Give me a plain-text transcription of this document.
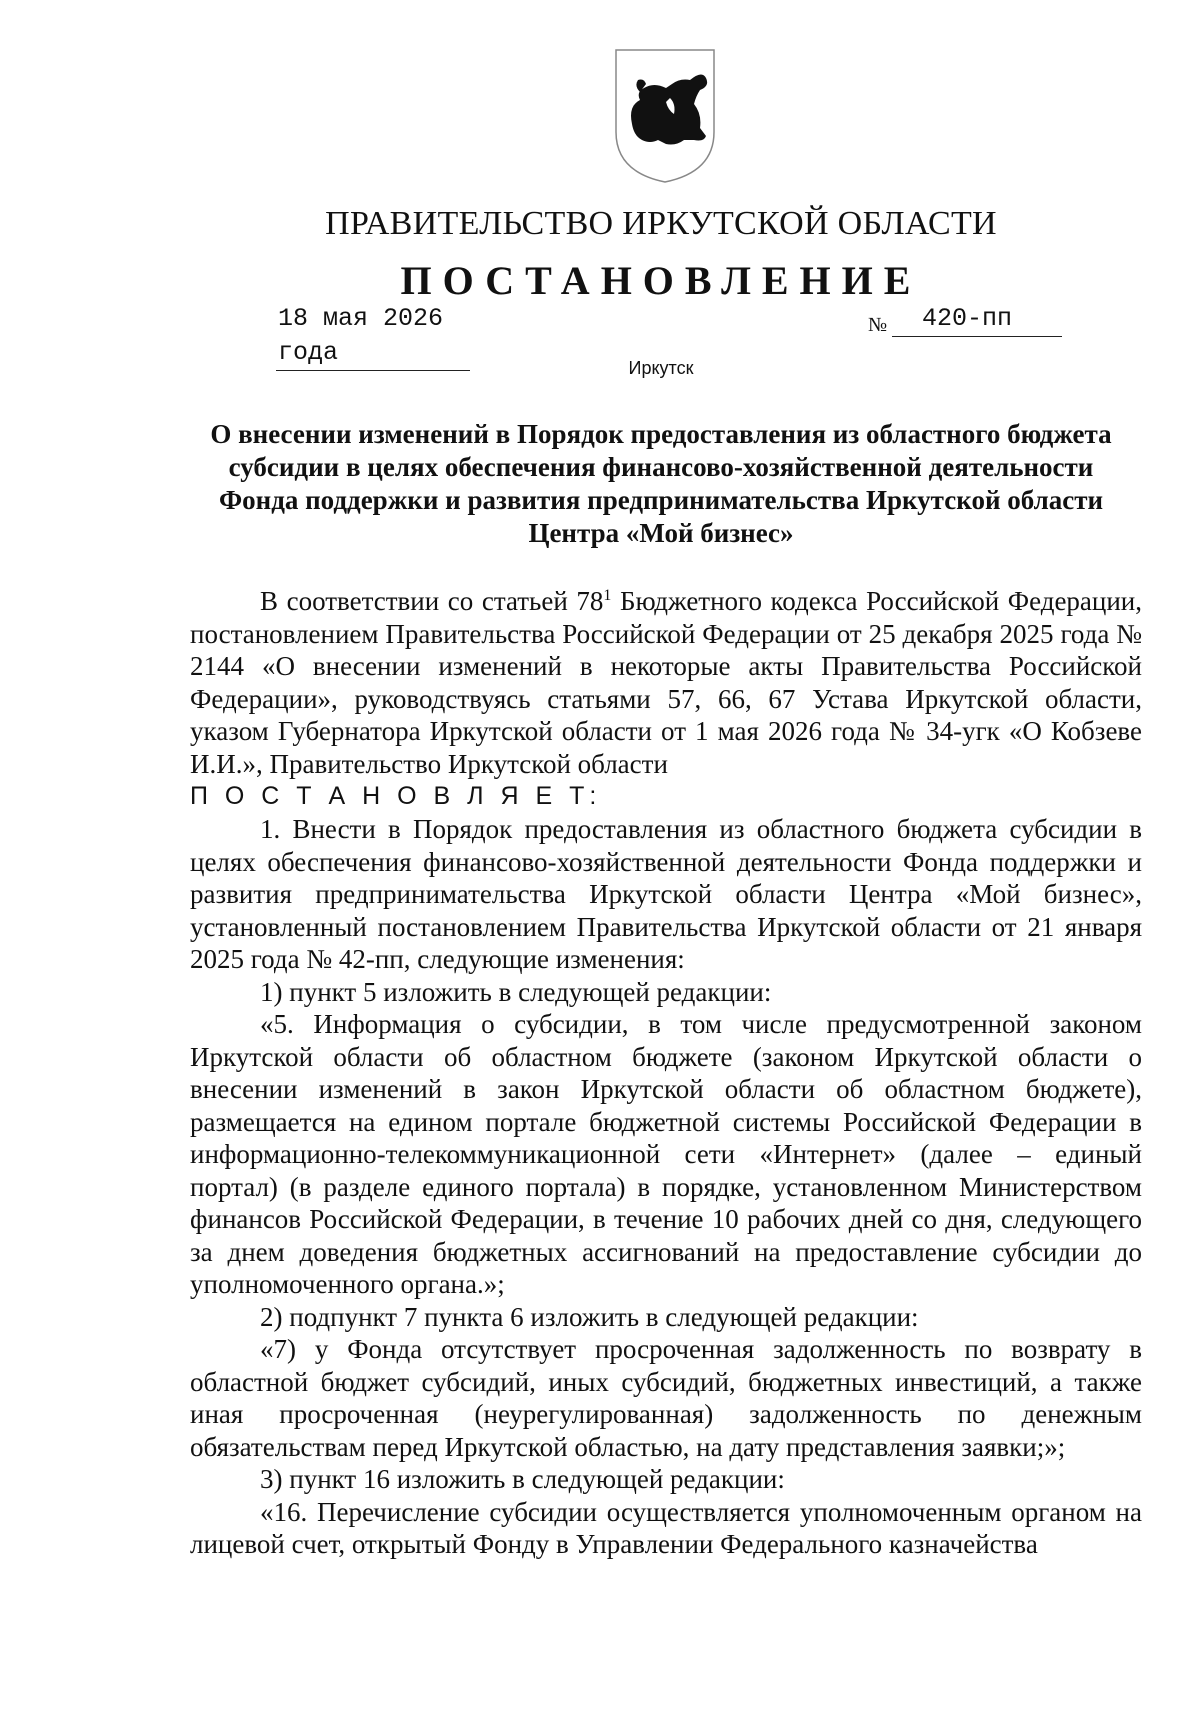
ПРАВИТЕЛЬСТВО ИРКУТСКОЙ ОБЛАСТИ
ПОСТАНОВЛЕНИЕ
18 мая 2026 года
№	420-пп
Иркутск
О внесении изменений в Порядок предоставления из областного бюджета субсидии в целях обеспечения финансово-хозяйственной деятельности Фонда поддержки и развития предпринимательства Иркутской области Центра «Мой бизнес»

В соответствии со статьей $78^1$ Бюджетного кодекса Российской Федерации, постановлением Правительства Российской Федерации от 25 декабря 2025 года № 2144 «О внесении изменений в некоторые акты Правительства Российской Федерации», руководствуясь статьями 57, 66, 67 Устава Иркутской области, указом Губернатора Иркутской области от 1 мая 2026 года № 34-угк «О Кобзеве И.И.», Правительство Иркутской области

П О С Т А Н О В Л Я Е Т:

1. Внести в Порядок предоставления из областного бюджета субсидии в целях обеспечения финансово-хозяйственной деятельности Фонда поддержки и развития предпринимательства Иркутской области Центра «Мой бизнес», установленный постановлением Правительства Иркутской области от 21 января 2025 года № 42-пп, следующие изменения:

1) пункт 5 изложить в следующей редакции:

«5. Информация о субсидии, в том числе предусмотренной законом Иркутской области об областном бюджете (законом Иркутской области о внесении изменений в закон Иркутской области об областном бюджете), размещается на едином портале бюджетной системы Российской Федерации в информационно-телекоммуникационной сети «Интернет» (далее – единый портал) (в разделе единого портала) в порядке, установленном Министерством финансов Российской Федерации, в течение 10 рабочих дней со дня, следующего за днем доведения бюджетных ассигнований на предоставление субсидии до уполномоченного органа.»;

2) подпункт 7 пункта 6 изложить в следующей редакции:

«7) у Фонда отсутствует просроченная задолженность по возврату в областной бюджет субсидий, иных субсидий, бюджетных инвестиций, а также иная просроченная (неурегулированная) задолженность по денежным обязательствам перед Иркутской областью, на дату представления заявки;»;

3) пункт 16 изложить в следующей редакции:

«16. Перечисление субсидии осуществляется уполномоченным органом на лицевой счет, открытый Фонду в Управлении Федерального казначейства
